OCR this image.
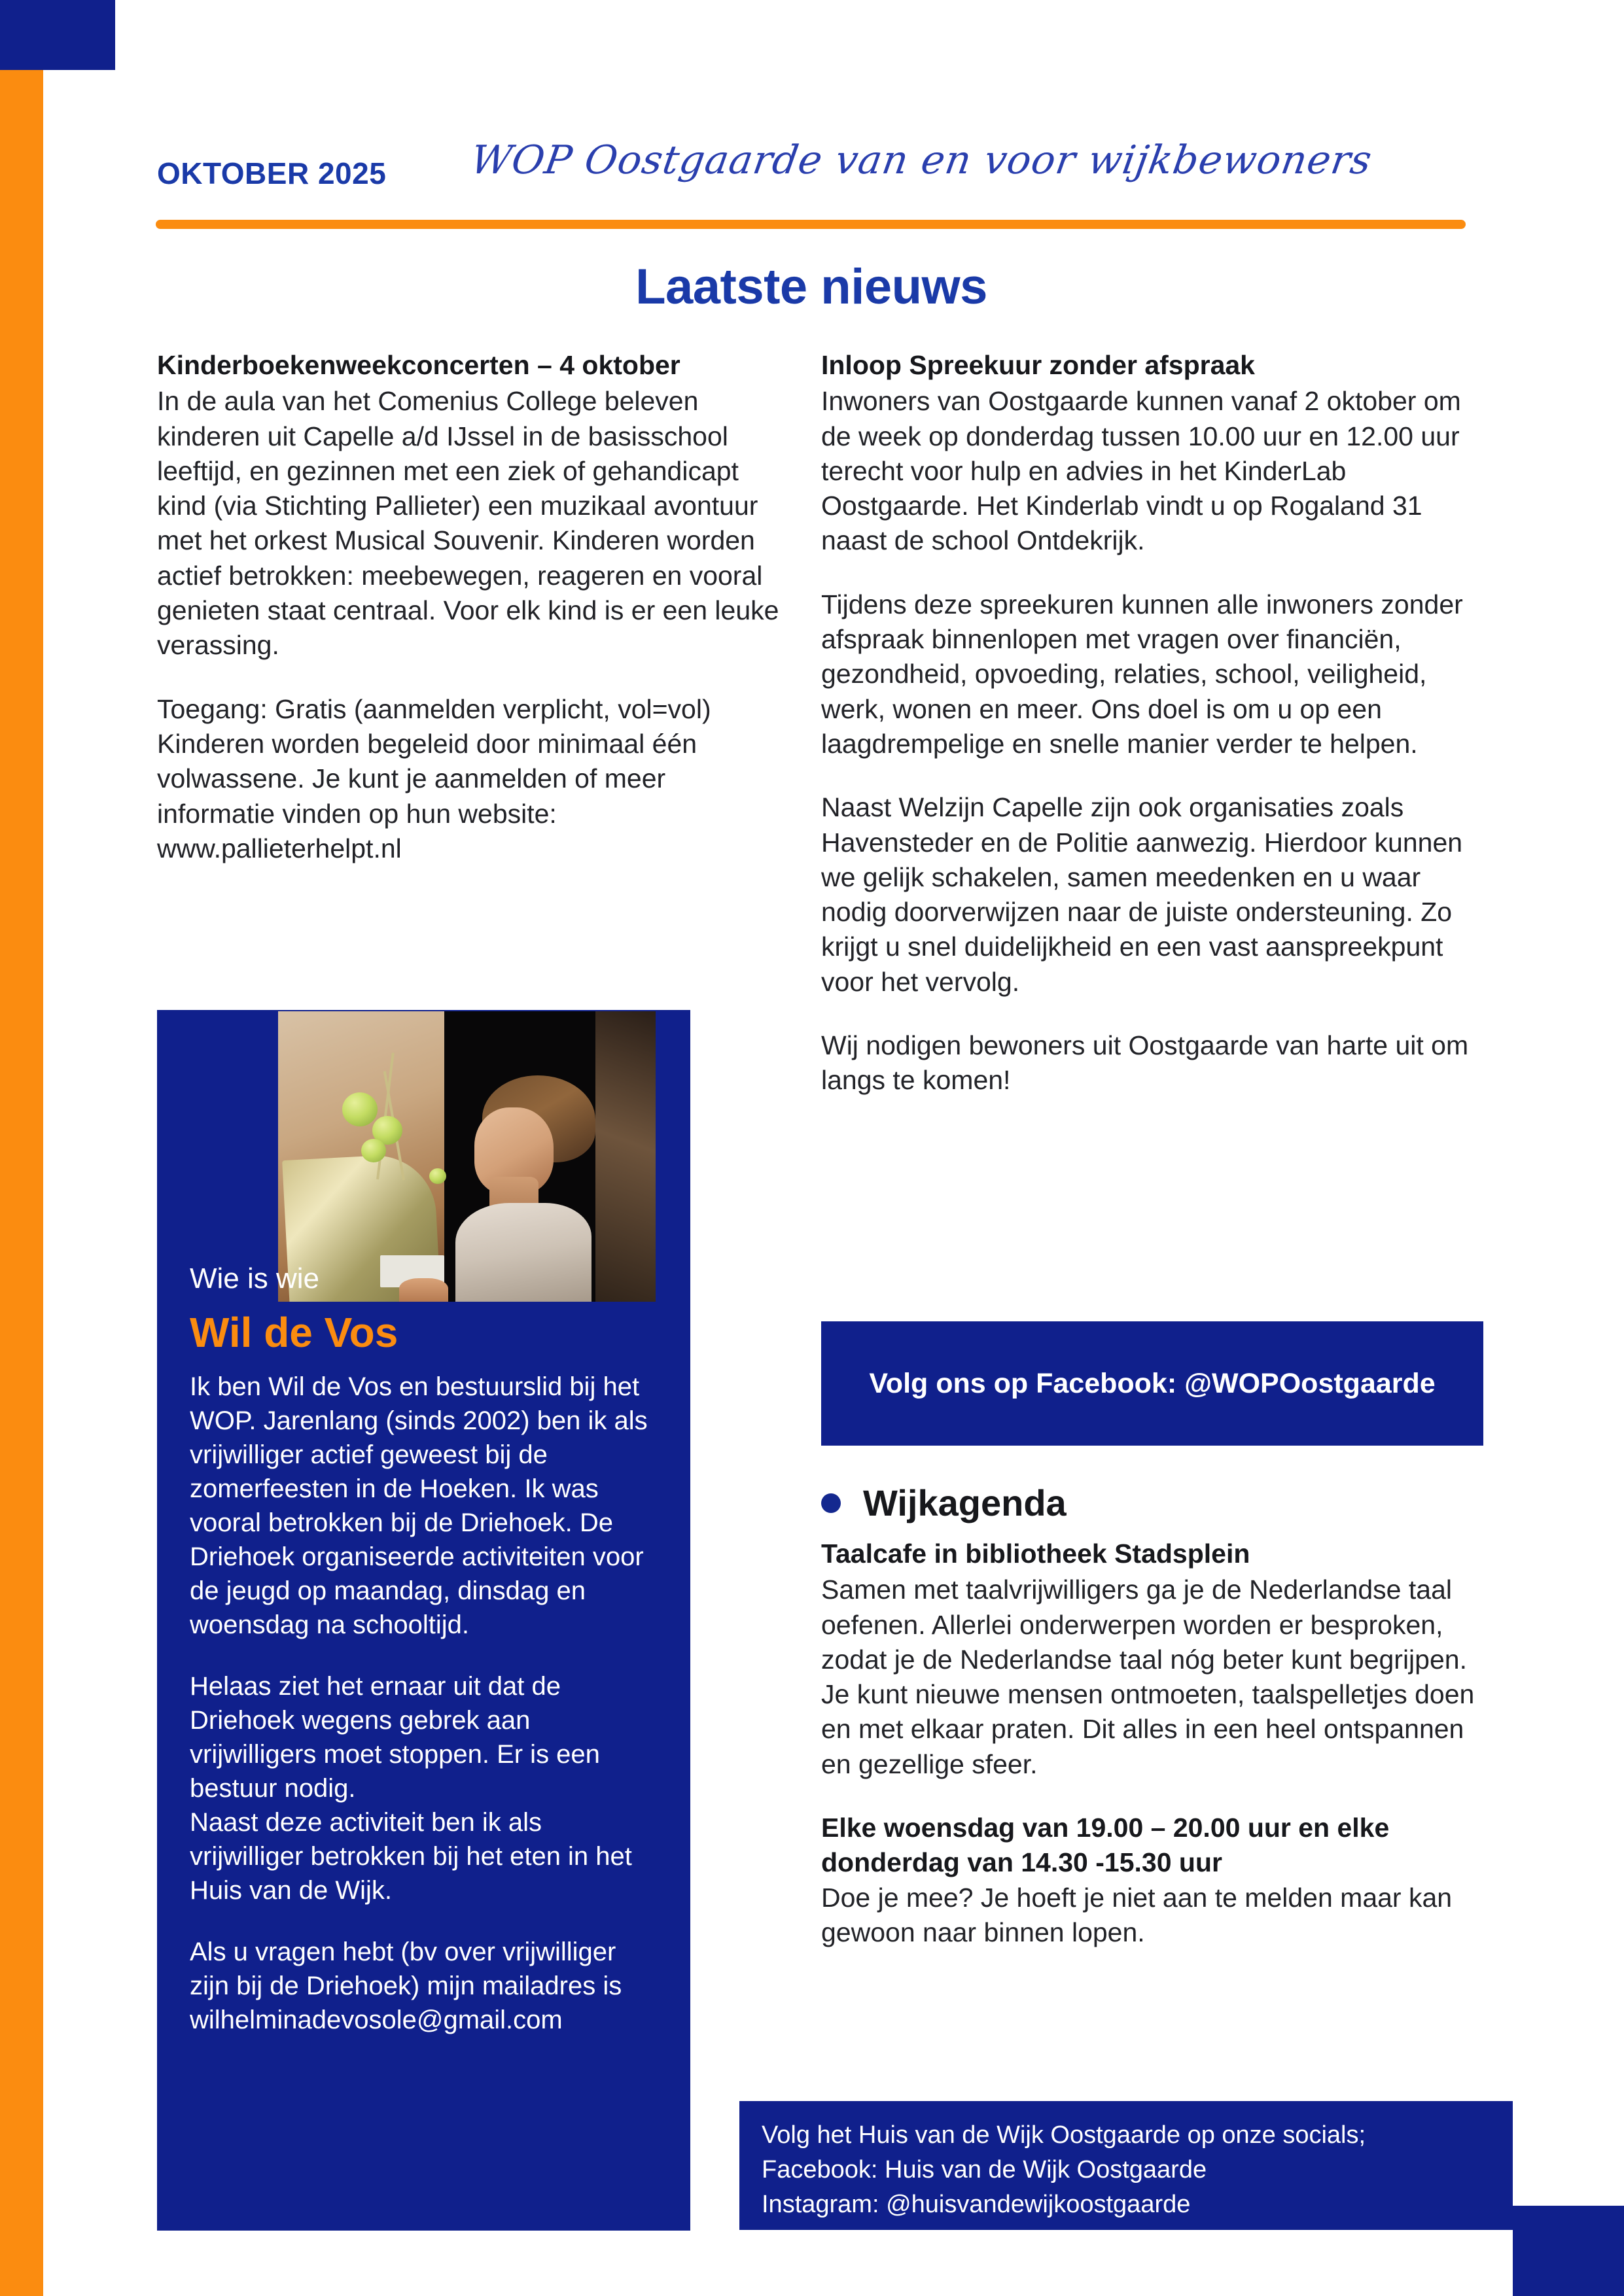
OKTOBER 2025 WOP Oostgaarde van en voor wijkbewoners
Laatste nieuws
Kinderboekenweekconcerten – 4 oktober
In de aula van het Comenius College beleven kinderen uit Capelle a/d IJssel in de basisschool leeftijd, en gezinnen met een ziek of gehandicapt kind (via Stichting Pallieter) een muzikaal avontuur met het orkest Musical Souvenir. Kinderen worden actief betrokken: meebewegen, reageren en vooral genieten staat centraal. Voor elk kind is er een leuke verassing.
Toegang: Gratis (aanmelden verplicht, vol=vol) Kinderen worden begeleid door minimaal één volwassene. Je kunt je aanmelden of meer informatie vinden op hun website: www.pallieterhelpt.nl
Wie is wie
Wil de Vos
Ik ben Wil de Vos en bestuurslid bij het WOP. Jarenlang (sinds 2002) ben ik als vrijwilliger actief geweest bij de zomerfeesten in de Hoeken. Ik was vooral betrokken bij de Driehoek. De Driehoek organiseerde activiteiten voor de jeugd op maandag, dinsdag en woensdag na schooltijd.
Helaas ziet het ernaar uit dat de Driehoek wegens gebrek aan vrijwilligers moet stoppen. Er is een bestuur nodig.
Naast deze activiteit ben ik als vrijwilliger betrokken bij het eten in het Huis van de Wijk.
Als u vragen hebt (bv over vrijwilliger zijn bij de Driehoek) mijn mailadres is wilhelminadevosole@gmail.com
Inloop Spreekuur zonder afspraak
Inwoners van Oostgaarde kunnen vanaf 2 oktober om de week op donderdag tussen 10.00 uur en 12.00 uur terecht voor hulp en advies in het KinderLab Oostgaarde. Het Kinderlab vindt u op Rogaland 31 naast de school Ontdekrijk.
Tijdens deze spreekuren kunnen alle inwoners zonder afspraak binnenlopen met vragen over financiën, gezondheid, opvoeding, relaties, school, veiligheid, werk, wonen en meer. Ons doel is om u op een laagdrempelige en snelle manier verder te helpen.
Naast Welzijn Capelle zijn ook organisaties zoals Havensteder en de Politie aanwezig. Hierdoor kunnen we gelijk schakelen, samen meedenken en u waar nodig doorverwijzen naar de juiste ondersteuning. Zo krijgt u snel duidelijkheid en een vast aanspreekpunt voor het vervolg.
Wij nodigen bewoners uit Oostgaarde van harte uit om langs te komen!
Volg ons op Facebook: @WOPOostgaarde
Wijkagenda
Taalcafe in bibliotheek Stadsplein
Samen met taalvrijwilligers ga je de Nederlandse taal oefenen. Allerlei onderwerpen worden er besproken, zodat je de Nederlandse taal nóg beter kunt begrijpen. Je kunt nieuwe mensen ontmoeten, taalspelletjes doen en met elkaar praten. Dit alles in een heel ontspannen en gezellige sfeer.
Elke woensdag van 19.00 – 20.00 uur en elke donderdag van 14.30 -15.30 uur
Doe je mee? Je hoeft je niet aan te melden maar kan gewoon naar binnen lopen.
Volg het Huis van de Wijk Oostgaarde op onze socials;
Facebook: Huis van de Wijk Oostgaarde
Instagram: @huisvandewijkoostgaarde
